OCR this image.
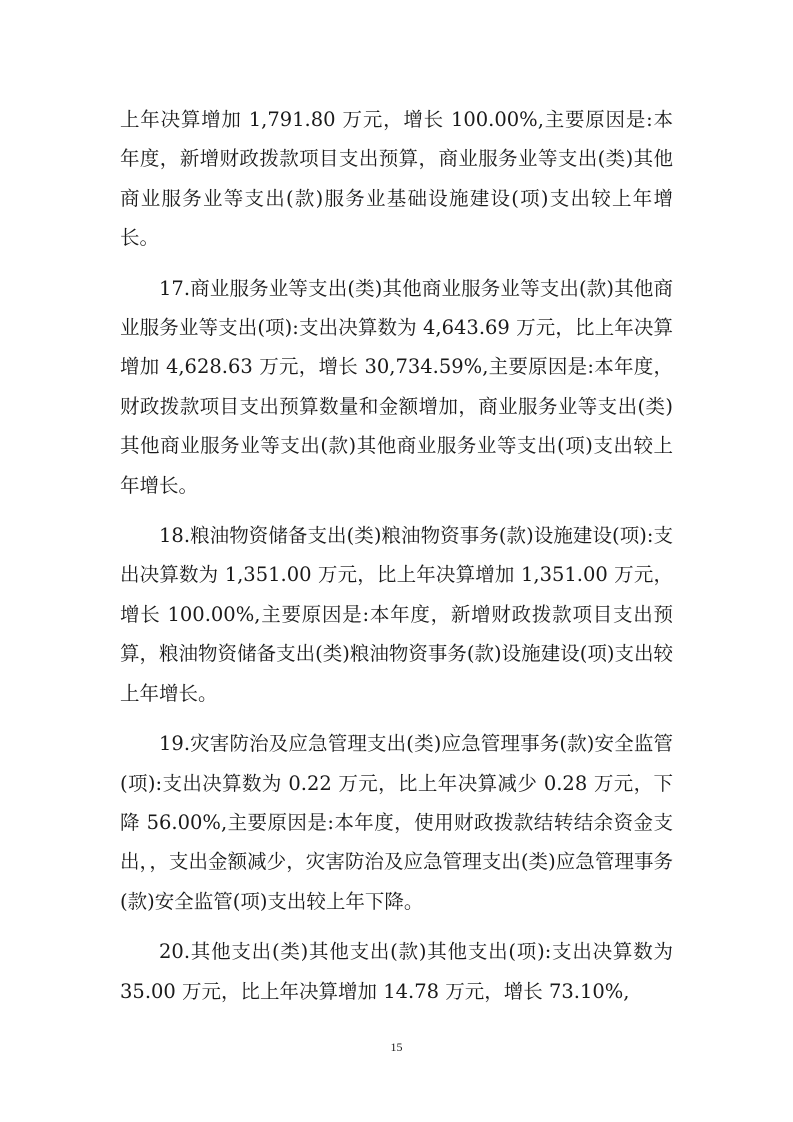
上年决算增加 1,791.80 万元，增长 100.00%,主要原因是:本年度，新增财政拨款项目支出预算，商业服务业等支出(类)其他商业服务业等支出(款)服务业基础设施建设(项)支出较上年增长。

17.商业服务业等支出(类)其他商业服务业等支出(款)其他商业服务业等支出(项):支出决算数为 4,643.69 万元，比上年决算增加 4,628.63 万元，增长 30,734.59%,主要原因是:本年度，财政拨款项目支出预算数量和金额增加，商业服务业等支出(类)其他商业服务业等支出(款)其他商业服务业等支出(项)支出较上年增长。

18.粮油物资储备支出(类)粮油物资事务(款)设施建设(项):支出决算数为 1,351.00 万元，比上年决算增加 1,351.00 万元，增长 100.00%,主要原因是:本年度，新增财政拨款项目支出预算，粮油物资储备支出(类)粮油物资事务(款)设施建设(项)支出较上年增长。

19.灾害防治及应急管理支出(类)应急管理事务(款)安全监管(项):支出决算数为 0.22 万元，比上年决算减少 0.28 万元，下降 56.00%,主要原因是:本年度，使用财政拨款结转结余资金支出，，支出金额减少，灾害防治及应急管理支出(类)应急管理事务(款)安全监管(项)支出较上年下降。

20.其他支出(类)其他支出(款)其他支出(项):支出决算数为 35.00 万元，比上年决算增加 14.78 万元，增长 73.10%,

15
